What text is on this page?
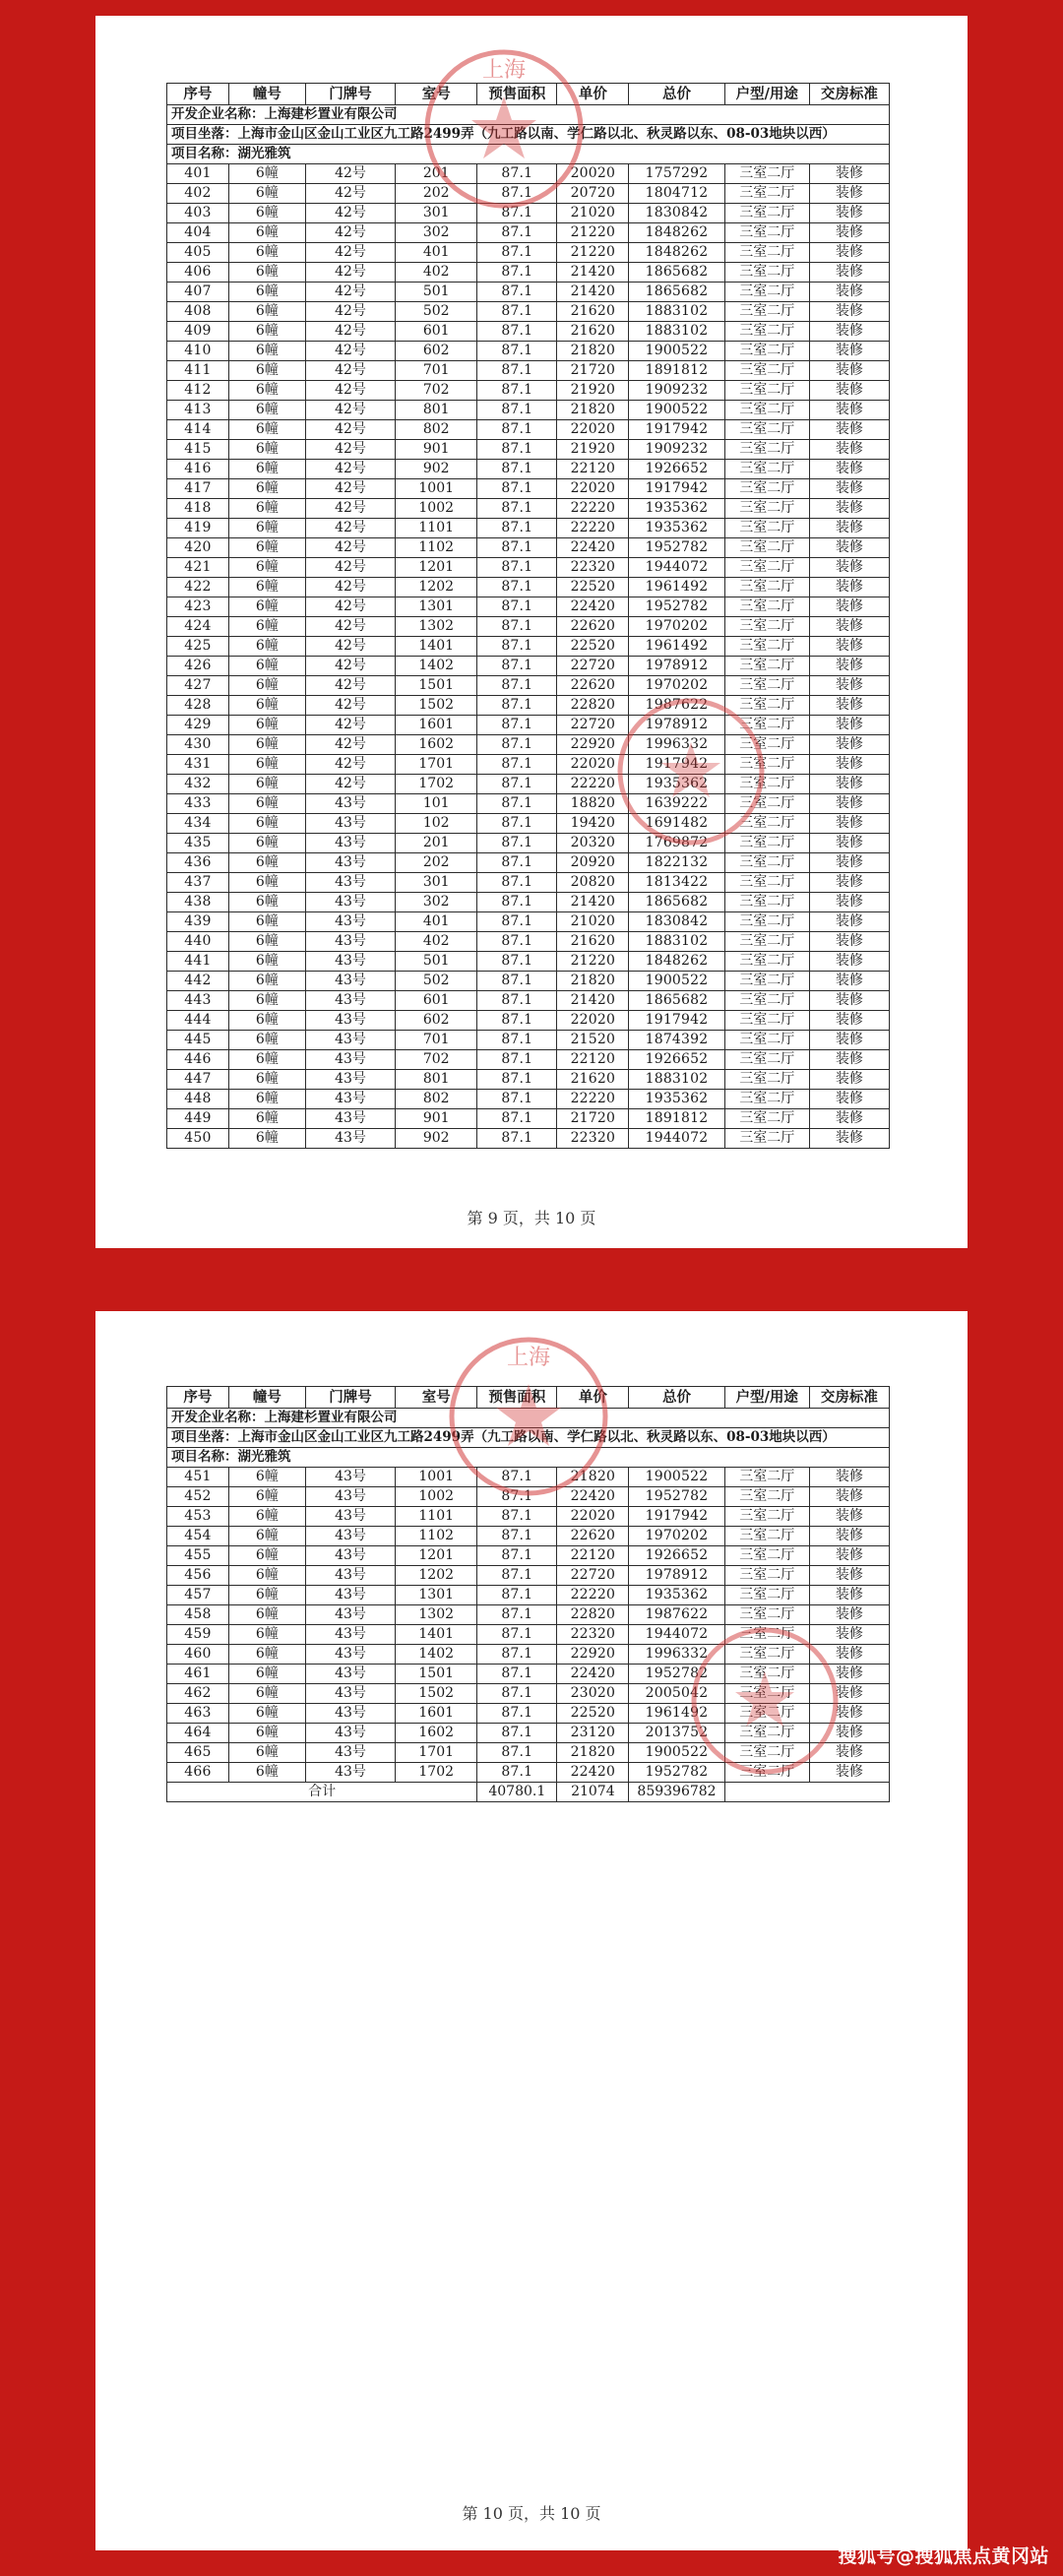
开发企业名称：上海建杉置业有限公司								
项目坐落：上海市金山区金山工业区九工路2499弄（九工路以南、学仁路以北、秋灵路以东、08-03地块以西）								
项目名称：湖光雅筑								
序号	幢号	门牌号	室号	预售面积	单价	总价	户型/用途	交房标准
401	6幢	42号	201	87.1	20020	1757292	三室二厅	装修
402	6幢	42号	202	87.1	20720	1804712	三室二厅	装修
403	6幢	42号	301	87.1	21020	1830842	三室二厅	装修
404	6幢	42号	302	87.1	21220	1848262	三室二厅	装修
405	6幢	42号	401	87.1	21220	1848262	三室二厅	装修
406	6幢	42号	402	87.1	21420	1865682	三室二厅	装修
407	6幢	42号	501	87.1	21420	1865682	三室二厅	装修
408	6幢	42号	502	87.1	21620	1883102	三室二厅	装修
409	6幢	42号	601	87.1	21620	1883102	三室二厅	装修
410	6幢	42号	602	87.1	21820	1900522	三室二厅	装修
411	6幢	42号	701	87.1	21720	1891812	三室二厅	装修
412	6幢	42号	702	87.1	21920	1909232	三室二厅	装修
413	6幢	42号	801	87.1	21820	1900522	三室二厅	装修
414	6幢	42号	802	87.1	22020	1917942	三室二厅	装修
415	6幢	42号	901	87.1	21920	1909232	三室二厅	装修
416	6幢	42号	902	87.1	22120	1926652	三室二厅	装修
417	6幢	42号	1001	87.1	22020	1917942	三室二厅	装修
418	6幢	42号	1002	87.1	22220	1935362	三室二厅	装修
419	6幢	42号	1101	87.1	22220	1935362	三室二厅	装修
420	6幢	42号	1102	87.1	22420	1952782	三室二厅	装修
421	6幢	42号	1201	87.1	22320	1944072	三室二厅	装修
422	6幢	42号	1202	87.1	22520	1961492	三室二厅	装修
423	6幢	42号	1301	87.1	22420	1952782	三室二厅	装修
424	6幢	42号	1302	87.1	22620	1970202	三室二厅	装修
425	6幢	42号	1401	87.1	22520	1961492	三室二厅	装修
426	6幢	42号	1402	87.1	22720	1978912	三室二厅	装修
427	6幢	42号	1501	87.1	22620	1970202	三室二厅	装修
428	6幢	42号	1502	87.1	22820	1987622	三室二厅	装修
429	6幢	42号	1601	87.1	22720	1978912	三室二厅	装修
430	6幢	42号	1602	87.1	22920	1996332	三室二厅	装修
431	6幢	42号	1701	87.1	22020	1917942	三室二厅	装修
432	6幢	42号	1702	87.1	22220	1935362	三室二厅	装修
433	6幢	43号	101	87.1	18820	1639222	三室二厅	装修
434	6幢	43号	102	87.1	19420	1691482	三室二厅	装修
435	6幢	43号	201	87.1	20320	1769872	三室二厅	装修
436	6幢	43号	202	87.1	20920	1822132	三室二厅	装修
437	6幢	43号	301	87.1	20820	1813422	三室二厅	装修
438	6幢	43号	302	87.1	21420	1865682	三室二厅	装修
439	6幢	43号	401	87.1	21020	1830842	三室二厅	装修
440	6幢	43号	402	87.1	21620	1883102	三室二厅	装修
441	6幢	43号	501	87.1	21220	1848262	三室二厅	装修
442	6幢	43号	502	87.1	21820	1900522	三室二厅	装修
443	6幢	43号	601	87.1	21420	1865682	三室二厅	装修
444	6幢	43号	602	87.1	22020	1917942	三室二厅	装修
445	6幢	43号	701	87.1	21520	1874392	三室二厅	装修
446	6幢	43号	702	87.1	22120	1926652	三室二厅	装修
447	6幢	43号	801	87.1	21620	1883102	三室二厅	装修
448	6幢	43号	802	87.1	22220	1935362	三室二厅	装修
449	6幢	43号	901	87.1	21720	1891812	三室二厅	装修
450	6幢	43号	902	87.1	22320	1944072	三室二厅	装修
第 9 页，共 10 页
上海
开发企业名称：上海建杉置业有限公司								
项目坐落：上海市金山区金山工业区九工路2499弄（九工路以南、学仁路以北、秋灵路以东、08-03地块以西）								
项目名称：湖光雅筑								
序号	幢号	门牌号	室号	预售面积	单价	总价	户型/用途	交房标准
451	6幢	43号	1001	87.1	21820	1900522	三室二厅	装修
452	6幢	43号	1002	87.1	22420	1952782	三室二厅	装修
453	6幢	43号	1101	87.1	22020	1917942	三室二厅	装修
454	6幢	43号	1102	87.1	22620	1970202	三室二厅	装修
455	6幢	43号	1201	87.1	22120	1926652	三室二厅	装修
456	6幢	43号	1202	87.1	22720	1978912	三室二厅	装修
457	6幢	43号	1301	87.1	22220	1935362	三室二厅	装修
458	6幢	43号	1302	87.1	22820	1987622	三室二厅	装修
459	6幢	43号	1401	87.1	22320	1944072	三室二厅	装修
460	6幢	43号	1402	87.1	22920	1996332	三室二厅	装修
461	6幢	43号	1501	87.1	22420	1952782	三室二厅	装修
462	6幢	43号	1502	87.1	23020	2005042	三室二厅	装修
463	6幢	43号	1601	87.1	22520	1961492	三室二厅	装修
464	6幢	43号	1602	87.1	23120	2013752	三室二厅	装修
465	6幢	43号	1701	87.1	21820	1900522	三室二厅	装修
466	6幢	43号	1702	87.1	22420	1952782	三室二厅	装修
合计				40780.1	21074	859396782		
第 10 页，共 10 页
上海
搜狐号@搜狐焦点黄冈站
